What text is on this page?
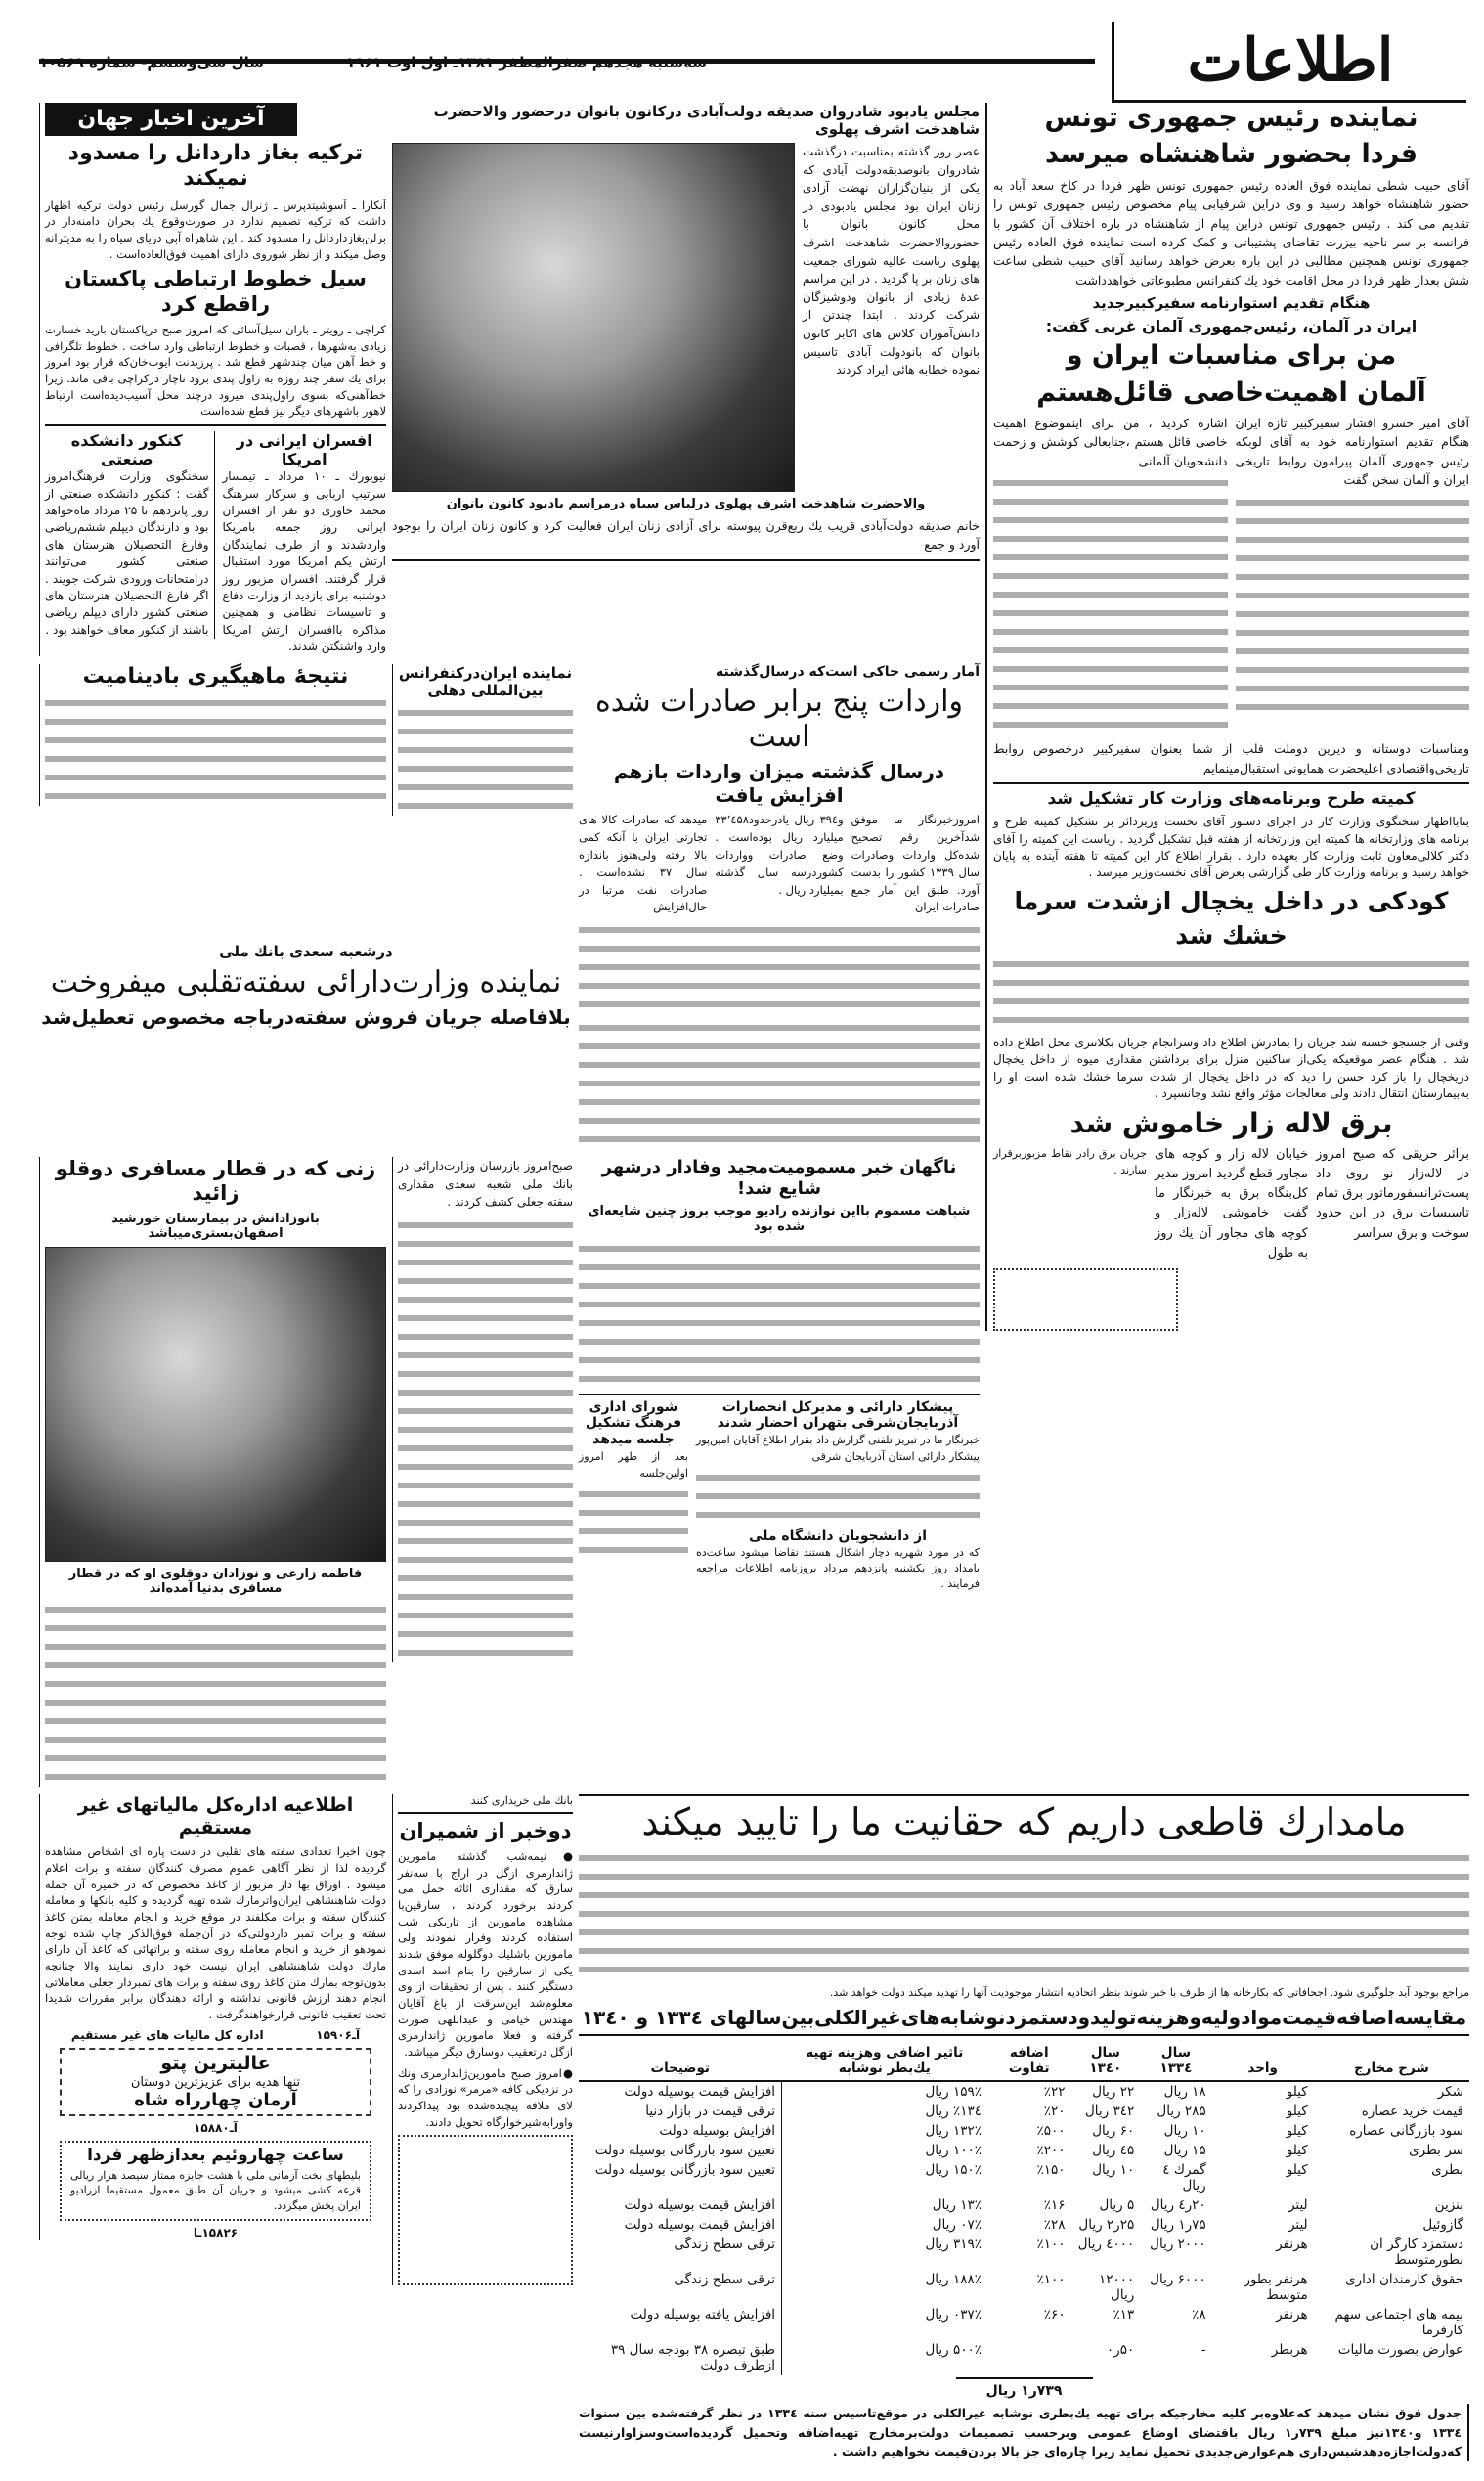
سال سی‌وششم- شماره ۱۰۵۶۹	سه‌شنبه هجدهم صفرالمظفر ۱۳۸۱ـ اول اوت ۱۹۶۱	اطلاعات
آخرین اخبار جهان
ترکیه بغاز داردانل را مسدود نمیکند
آنکارا ـ آسوشیتدپرس ـ ژنرال جمال گورسل رئیس دولت ترکیه اظهار داشت که ترکیه تصمیم ندارد در صورت‌وقوع یك بحران دامنه‌دار در برلن‌بغازداردانل را مسدود کند . این شاهراه آبی دریای سیاه را به مدیترانه وصل میکند و از نظر شوروی دارای اهمیت فوق‌العاده‌است .
سیل خطوط ارتباطی پاکستان راقطع کرد
کراچی ـ رویتر ـ باران سیل‌آسائی که امروز صبح درپاکستان بارید خسارت زیادی به‌شهرها ، قصبات و خطوط ارتباطی وارد ساخت . خطوط تلگرافی و خط آهن میان چندشهر قطع شد . پرزیدنت ایوب‌خان‌که قرار بود امروز برای یك سفر چند روزه به راول پندی برود ناچار درکراچی باقی ماند. زیرا خط‌آهنی‌که بسوی راول‌پندی میرود درچند محل آسیب‌دیده‌است ارتباط لاهور باشهرهای دیگر نیز قطع شده‌است
افسران ایرانی در امریکا
نیویورك ـ ۱۰ مرداد ـ تیمسار سرتیپ اربابی و سرکار سرهنگ محمد خاوری دو نفر از افسران ایرانی روز جمعه بامریکا واردشدند و از طرف نمایندگان ارتش یکم امریکا مورد استقبال قرار گرفتند. افسران مزبور روز دوشنبه برای بازدید از وزارت دفاع و تاسیسات نظامی و همچنین مذاکره باافسران ارتش امریکا وارد واشنگتن شدند.
کنکور دانشکده صنعتی
سخنگوی وزارت فرهنگ‌امروز گفت : کنکور دانشکده صنعتی از روز پانزدهم تا ۲۵ مرداد ماه‌خواهد بود و دارندگان دیپلم ششم‌ریاضی وفارغ التحصیلان هنرستان های صنعتی کشور می‌توانند درامتحانات ورودی شرکت جویند . اگر فارغ التحصیلان هنرستان های صنعتی کشور دارای دیپلم ریاضی باشند از کنکور معاف خواهند بود .
مجلس یادبود شادروان صدیقه دولت‌آبادی درکانون بانوان درحضور والاحضرت شاهدخت اشرف پهلوی
عصر روز گذشته بمناسبت درگذشت شادروان بانوصدیقه‌دولت آبادی که یکی از بنیان‌گزاران نهضت آزادی زنان ایران بود مجلس یادبودی در محل کانون بانوان با حضوروالاحضرت شاهدخت اشرف پهلوی ریاست عالیه شورای جمعیت های زنان بر پا گردید . در این مراسم عدهٔ زیادی از بانوان ودوشیزگان شرکت کردند . ابتدا چندتن از دانش‌آموزان کلاس های اکابر کانون بانوان که بانودولت آبادی تاسیس نموده خطابه هائی ایراد کردند
والاحضرت شاهدخت اشرف پهلوی درلباس سیاه درمراسم یادبود کانون بانوان
خانم صدیقه دولت‌آبادی قریب یك ربع‌قرن پیوسته برای آزادی زنان ایران فعالیت کرد و کانون زنان ایران را بوجود آورد و جمع
نماینده رئیس جمهوری تونس
فردا بحضور شاهنشاه میرسد
آقای حبیب شطی نماینده فوق العاده رئیس جمهوری تونس ظهر فردا در کاخ سعد آباد به حضور شاهنشاه خواهد رسید و وی دراین شرفیابی پیام مخصوص رئیس جمهوری تونس را تقدیم می کند . رئیس جمهوری تونس دراین پیام از شاهنشاه در باره اختلاف آن کشور با فرانسه بر سر ناحیه بیزرت تقاضای پشتیبانی و کمک کرده است نماینده فوق العاده رئیس جمهوری تونس همچنین مطالبی در این باره بعرض خواهد رسانید آقای حبیب شطی ساعت شش بعداز ظهر فردا در محل اقامت خود یك کنفرانس مطبوعاتی خواهدداشت
هنگام تقدیم استوارنامه سفیرکبیرجدید
ایران در آلمان، رئیس‌جمهوری آلمان غربی گفت:
من برای مناسبات ایران و
آلمان اهمیت‌خاصی قائل‌هستم
آقای امیر خسرو افشار سفیرکبیر تازه ایران هنگام تقدیم استوارنامه خود به آقای لوبکه رئیس جمهوری آلمان پیرامون روابط تاریخی ایران و آلمان سخن گفت
اشاره کردید ، من برای اینموضوع اهمیت خاصی قائل هستم ،جنابعالی کوشش و زحمت دانشجویان آلمانی
ومناسبات دوستانه و دیرین دوملت قلب از شما بعنوان سفیرکبیر درخصوص روابط تاریخی‌واقتصادی اعلیحضرت همایونی استقبال‌مینمایم
کمیته طرح وبرنامه‌های وزارت کار تشکیل شد
بنابااظهار سخنگوی وزارت کار در اجرای دستور آقای نخست وزیردائر بر تشکیل کمیته طرح و برنامه های وزارتخانه ها کمیته این وزارتخانه از هفته قبل تشکیل گردید . ریاست این کمیته را آقای دکتر کلالی‌معاون ثابت وزارت کار بعهده دارد . بقرار اطلاع کار این کمیته تا هفته آینده به پایان خواهد رسید و برنامه وزارت کار طی گزارشی بعرض آقای نخست‌وزیر میرسد .
کودکی در داخل یخچال ازشدت سرما
خشك شد
وقتی از جستجو خسته شد جریان را بمادرش اطلاع داد وسرانجام جریان بکلانتری محل اطلاع داده شد . هنگام عصر موقعیکه یکی‌از ساکنین منزل برای برداشتن مقداری میوه از داخل یخچال دریخچال را باز کرد حسن را دید که در داخل یخچال از شدت سرما خشك شده است او را به‌بیمارستان انتقال دادند ولی معالجات مؤثر واقع نشد وجانسپرد .
برق لاله زار خاموش شد
براثر حریقی که صبح امروز در لاله‌زار نو روی داد پست‌ترانسفورماتور برق تمام تاسیسات برق در این حدود سوخت و برق سراسر
خیابان لاله زار و کوچه های مجاور قطع گردید امروز مدیر کل‌بنگاه برق به خبرنگار ما گفت خاموشی لاله‌زار و کوچه های مجاور آن یك روز به طول
جریان برق رادر نقاط مزبوربرقرار سازند .
نتیجهٔ ماهیگیری بادینامیت	نماینده ایران‌درکنفرانس بین‌المللی دهلی
آمار رسمی حاکی است‌که درسال‌گذشته
واردات پنج برابر صادرات شده است
درسال گذشته میزان واردات بازهم افزایش یافت
امروزخبرنگار ما موفق شدآخرین رقم تصحیح شده‌کل واردات وصادرات سال ۱۳۳۹ کشور را بدست آورد. طبق این آمار جمع صادرات ایران
و۳۹٤ ریال یادرحدود۳۳٬٤۵۸ میلیارد ریال بوده‌است . وضع صادرات وواردات کشوردرسه سال گذشته بمیلیارد ریال .
میدهد که صادرات کالا های تجارتی ایران با آنکه کمی بالا رفته ولی‌هنوز باندازه سال ۳۷ نشده‌است . صادرات نفت مرتبا در حال‌افزایش
درشعبه سعدی بانك ملی
نماینده وزارت‌دارائی سفته‌تقلبی میفروخت
بلافاصله جریان فروش سفته‌درباجه مخصوص تعطیل‌شد
زنی که در قطار مسافری دوقلو زائید
بانوزادانش در بیمارستان خورشید اصفهان‌بستری‌میباشد
فاطمه زارعی و نوزادان دوقلوی او که در قطار مسافری بدنیا آمده‌اند
صبح‌امروز بازرسان وزارت‌دارائی در بانك ملی شعبه سعدی مقداری سفته جعلی کشف کردند .
ناگهان خبر مسمومیت‌مجید وفادار درشهر شایع شد!
شباهت مسموم بااین نوازنده رادیو موجب بروز چنین شایعه‌ای شده بود
پیشکار دارائی و مدیرکل انحصارات آذربایجان‌شرقی بتهران احضار شدند
خبرنگار ما در تبریز تلفنی گزارش داد بقرار اطلاع آقایان امین‌پور پیشکار دارائی استان آذربایجان شرقی
از دانشجویان دانشگاه ملی
که در مورد شهریه دچار اشکال هستند تقاضا میشود ساعت‌ده بامداد روز یکشنبه پانزدهم مرداد بروزنامه اطلاعات مراجعه فرمایند .
شورای اداری فرهنگ تشکیل جلسه میدهد
بعد از ظهر امروز اولین‌جلسه
اطلاعیه اداره‌کل مالیاتهای غیر مستقیم
چون اخیرا تعدادی سفته های تقلبی در دست پاره ای اشخاص مشاهده گردیده لذا از نظر آگاهی عموم مصرف کنندگان سفته و برات اعلام میشود . اوراق بها دار مزبور از کاغذ مخصوص که در خمیره آن جمله دولت شاهنشاهی ایران‌واترمارك شده تهیه گردیده و کلیه بانکها و معامله کنندگان سفته و برات مکلفند در موقع خرید و انجام معامله بمتن کاغذ سفته و برات تمبر داردولتی‌که در آن‌جمله فوق‌الذکر چاپ شده توجه نمودهو از خرید و انجام معامله روی سفته و براتهائی که کاغذ آن دارای مارك دولت شاهنشاهی ایران نیست خود داری نمایند والا چنانچه بدون‌توجه بمارك متن کاغذ روی سفته و برات های تمبردار جعلی معاملاتی انجام دهند ارزش قانونی نداشته و ارائه دهندگان برابر مقررات شدیدا تحت تعقیب قانونی قرارخواهندگرفت .
اداره کل مالیات های غیر مستقیم	آـ۱۵۹۰۶
عالیترین پتو
تنها هدیه برای عزیزترین دوستان
آرمان چهارراه شاه
آـ۱۵۸۸۰
ساعت چهاروئیم بعدازظهر فردا
بلیطهای بخت آزمانی ملی با هشت جایزه ممتاز سیصد هزار ریالی قرعه کشی میشود و جریان آن طبق معمول مستقیما ازرادیو ایران پخش میگردد.
۱۵۸۲۶ـا
بانك ملی خریداری کنند
دوخبر از شمیران
●نیمه‌شب گذشته مامورین ژاندارمری ازگل در اراج با سه‌نفر سارق که مقداری اثاثه حمل می کردند برخورد کردند ، سارقین‌با مشاهده مامورین از تاریکی شب استفاده کردند وفرار نمودند ولی مامورین باشلیك دوگلوله موفق شدند یکی از سارقین را بنام اسد اسدی دستگیر کنند . پس از تحقیقات از وی معلوم‌شد این‌سرقت از باغ آقایان مهندس خیامی و عبداللهی صورت گرفته و فعلا مامورین ژاندارمری ازگل درتعقیب دوسارق دیگر میباشد.
●امروز صبح مامورین‌ژاندارمری ونك در نزدیکی کافه «مرمر» نوزادی را که لای ملافه پیچیده‌شده بود پیداکردند واورابه‌شیرخوارگاه تحویل دادند.
مامدارك قاطعی داریم که حقانیت ما را تایید میکند
مراجع بوجود آید جلوگیری شود. اجحافاتی که بکارخانه ها از طرف با خبر شوند بنظر اتحادیه انتشار موجودیت آنها را تهدید میکند دولت خواهد شد.
مقایسه‌اضافه‌قیمت‌موادولیه‌وهزینه‌تولیدودستمزدنوشابه‌های‌غیرالکلی‌بین‌سالهای ۱۳۳٤ و ۱۳٤۰
شرح مخارج	واحد	سال ۱۳۳٤	سال ۱۳٤۰	اضافه تفاوت	تاثیر اضافی وهزینه تهیه یك‌بطر نوشابه	توضیحات
شکر	کیلو	۱۸ ریال	۲۲ ریال	٪۲۲	۱۵۹٪ ریال	افزایش قیمت بوسیله دولت
قیمت خرید عصاره	کیلو	۲۸۵ ریال	۳٤۲ ریال	٪۲۰	۱۳٤٪ ریال	ترقی قیمت در بازار دنیا
سود بازرگانی عصاره	کیلو	۱۰ ریال	۶۰ ریال	٪۵۰۰	۱۳۲٪ ریال	افزایش بوسیله دولت
سر بطری	کیلو	۱۵ ریال	٤۵ ریال	٪۲۰۰	۱۰۰٪ ریال	تعیین سود بازرگانی بوسیله دولت
بطری	کیلو	گمرك ٤ ریال	۱۰ ریال	٪۱۵۰	۱۵۰٪ ریال	تعیین سود بازرگانی بوسیله دولت
بنزین	لیتر	۲۰ر٤ ریال	۵ ریال	٪۱۶	۱۳٪ ریال	افزایش قیمت بوسیله دولت
گازوئیل	لیتر	۷۵ر۱ ریال	۲۵ر۲ ریال	٪۲۸	۰۷٪ ریال	افزایش قیمت بوسیله دولت
دستمزد کارگر ان بطورمتوسط	هرنفر	۲۰۰۰ ریال	٤۰۰۰ ریال	٪۱۰۰	۳۱۹٪ ریال	ترقی سطح زندگی
حقوق کارمندان اداری	هرنفر بطور متوسط	۶۰۰۰ ریال	۱۲۰۰۰ ریال	٪۱۰۰	۱۸۸٪ ریال	ترقی سطح زندگی
بیمه های اجتماعی سهم کارفرما	هرنفر	٪۸	٪۱۳	٪۶۰	۰۳۷٪ ریال	افزایش یافته بوسیله دولت
عوارض بصورت مالیات	هربطر	-	۵۰ر۰		۵۰۰٪ ریال	طبق تبصره ۳۸ بودجه سال ۳۹ ازطرف دولت
۷۳۹ر۱ ریال
جدول فوق نشان میدهد که‌علاوه‌بر کلیه مخارجیکه برای تهیه یك‌بطری نوشابه غیرالکلی در موقع‌تاسیس سنه ۱۳۳٤ در نظر گرفته‌شده بین سنوات ۱۳۳٤ و۱۳٤۰نیز مبلغ ۷۳۹ر۱ ریال باقتضای اوضاع عمومی وبرحسب تصمیمات دولت‌بر‌مخارج تهیه‌اضافه وتحمیل گردیده‌است‌وسزاوارنیست که‌دولت‌اجازه‌دهدشبس‌داری هم‌عوارض‌جدیدی تحمیل نماید زیرا چاره‌ای جز بالا بردن‌قیمت نخواهیم داشت .
